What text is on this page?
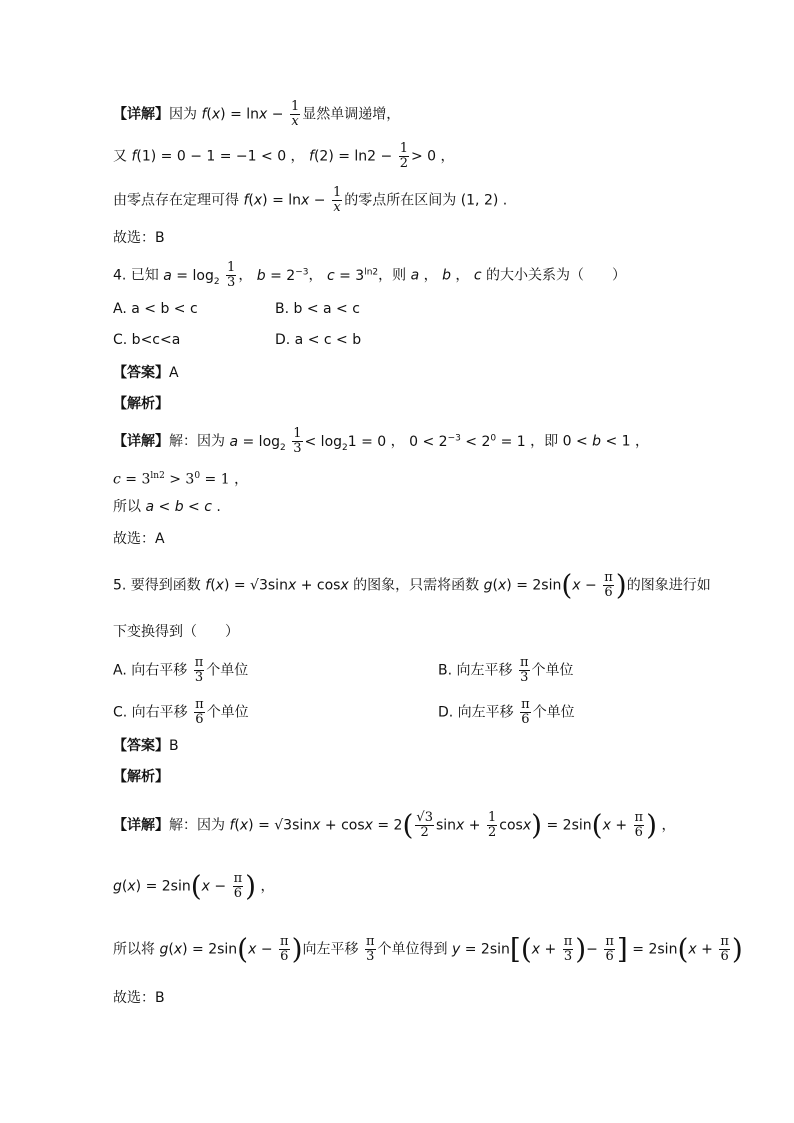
【详解】因为 $f(x) = \ln x - \frac{1}{x}$ 显然单调递增，
又 f(1) = 0 − 1 = −1 < 0 ， $f(2) = \ln 2 - \frac{1}{2} > 0$ ，
由零点存在定理可得 $f(x) = \ln x - \frac{1}{x}$ 的零点所在区间为 (1, 2) .
故选：B
4. 已知 $a = \log_2 \frac{1}{3}$ ， $b = 2^{-3}$， $c = 3^{ln2}$，则 a ， b ， c 的大小关系为（　　）
A. a < b < c	B. b < a < c
C. b<c<a	D. a < c < b
【答案】A
【解析】
【详解】解：因为 $a = \log_2 \frac{1}{3} < \log_21 = 0$ ， $0 < 2^{-3} < 2^0 = 1$ ，即 0 < b < 1 ，
$c = 3^{ln2} > 3^0 = 1$ ，
所以 a < b < c .
故选：A
5. 要得到函数 f(x) = √3sinx + cosx 的图象，只需将函数 $g(x) = 2\sin(x - \frac{\pi}{6}$ )的图象进行如
下变换得到（　　）
A. 向右平移 $\frac{\pi}{3}$ 个单位	B. 向左平移 $\frac{\pi}{3}$ 个单位
C. 向右平移 $\frac{\pi}{6}$ 个单位	D. 向左平移 $\frac{\pi}{6}$ 个单位
【答案】B
【解析】
【详解】解：因为 $f(x) = √3\sin x + \cos x = 2( \frac{√3}{2}$ $\sin x + \frac{1}{2} \cos x) = 2\sin(x + \frac{\pi}{6}$ ) ，
$g(x) = 2\sin(x - \frac{\pi}{6}$ ) ，
所以将 $g(x) = 2\sin(x - \frac{\pi}{6}$ )向左平移 $\frac{\pi}{3}$ 个单位得到 $y = 2\sin[(x + \frac{\pi}{3}$ )− $\frac{\pi}{6}$ ] = $2\sin(x + \frac{\pi}{6}$ )
故选：B
